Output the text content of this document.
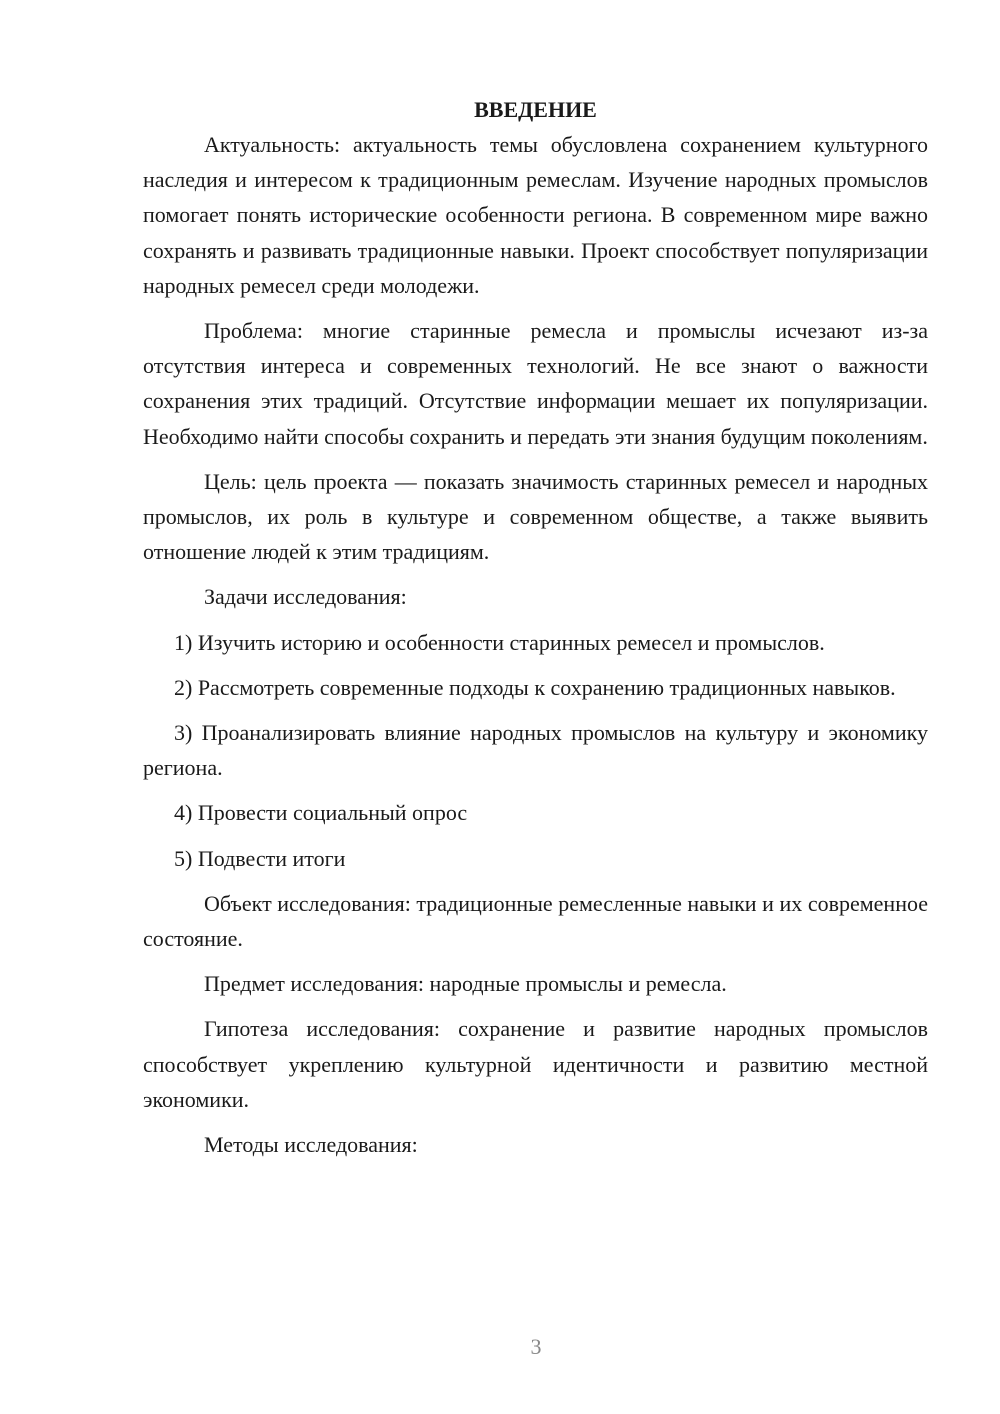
ВВЕДЕНИЕ

Актуальность: актуальность темы обусловлена сохранением культурного наследия и интересом к традиционным ремеслам. Изучение народных промыслов помогает понять исторические особенности региона. В современном мире важно сохранять и развивать традиционные навыки. Проект способствует популяризации народных ремесел среди молодежи.

Проблема: многие старинные ремесла и промыслы исчезают из-за отсутствия интереса и современных технологий. Не все знают о важности сохранения этих традиций. Отсутствие информации мешает их популяризации. Необходимо найти способы сохранить и передать эти знания будущим поколениям.

Цель: цель проекта — показать значимость старинных ремесел и народных промыслов, их роль в культуре и современном обществе, а также выявить отношение людей к этим традициям.

Задачи исследования:

1) Изучить историю и особенности старинных ремесел и промыслов.

2) Рассмотреть современные подходы к сохранению традиционных навыков.

3) Проанализировать влияние народных промыслов на культуру и экономику региона.

4) Провести социальный опрос

5) Подвести итоги

Объект исследования: традиционные ремесленные навыки и их современное состояние.

Предмет исследования: народные промыслы и ремесла.

Гипотеза исследования: сохранение и развитие народных промыслов способствует укреплению культурной идентичности и развитию местной экономики.

Методы исследования:

3
